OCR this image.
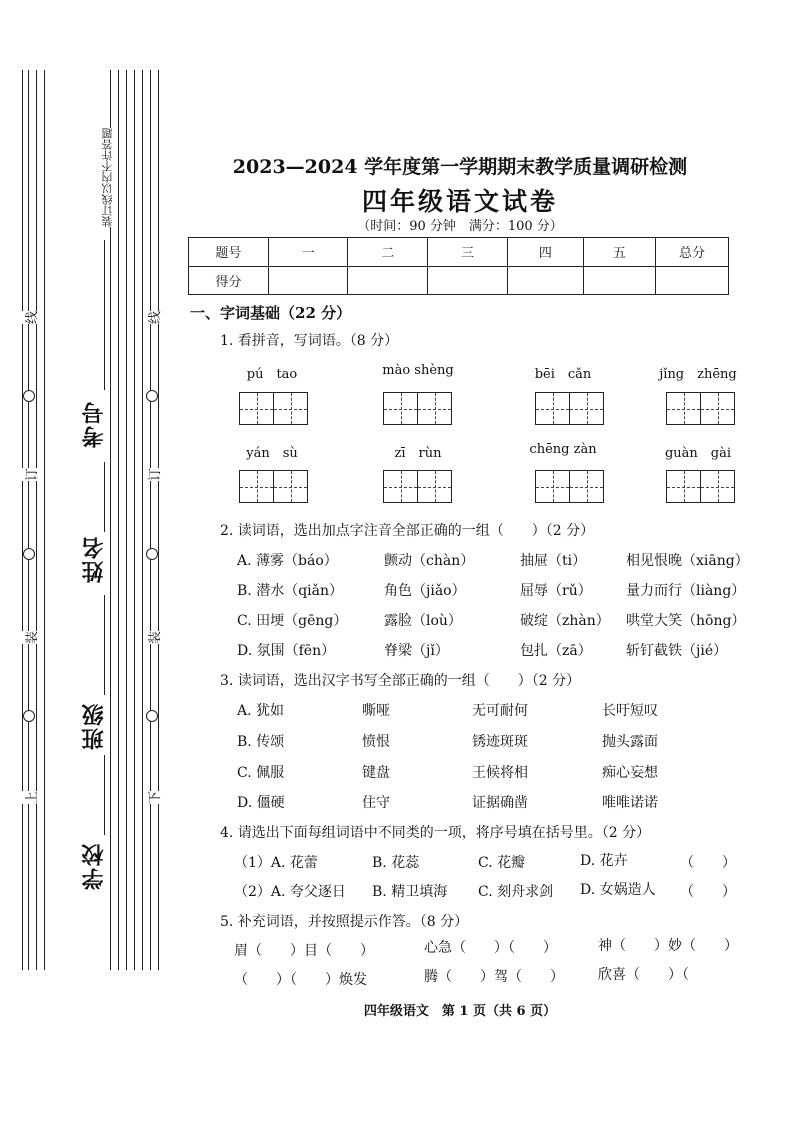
装订线以内不许答题
线
订
装
上
线
订
装
下
考号
姓名
班级
学校
2023—2024 学年度第一学期期末教学质量调研检测
四年级语文试卷
（时间：90 分钟　满分：100 分）
题号	一	二	三	四	五	总分
得分						
一、字词基础（22 分）
1. 看拼音，写词语。（8 分）
pú　tao	mào shèng	bēi　cǎn	jǐng　zhēng
yán　sù	zī　rùn	chēng zàn	guàn　gài
2. 读词语，选出加点字注音全部正确的一组（　　）（2 分）
A. 薄雾（báo）	颤动（chàn）	抽屉（ti）	相见恨晚（xiāng）
B. 潜水（qiǎn）	角色（jiǎo）	屈辱（rǔ） 量力而行（liàng）
C. 田埂（gēng）	露脸（loù）	破绽（zhàn） 哄堂大笑（hōng）
D. 氛围（fēn）	脊梁（jǐ）	包扎（zā） 斩钉截铁（jié）
3. 读词语，选出汉字书写全部正确的一组（　　）（2 分）
A. 犹如	嘶哑	无可耐何	长吁短叹
B. 传颂	愤恨	锈迹斑斑	抛头露面
C. 佩服	键盘	王候将相	痴心妄想
D. 僵硬	住守	证据确凿	唯唯诺诺
4. 请选出下面每组词语中不同类的一项，将序号填在括号里。（2 分）
（1）A. 花蕾	B. 花蕊	C. 花瓣	D. 花卉	（　　）
（2）A. 夸父逐日 B. 精卫填海 C. 刻舟求剑 D. 女娲造人 （　　）
5. 补充词语，并按照提示作答。（8 分）
眉（　　）目（　　）	心急（　　）（　　）	神（　　）妙（　　）
（　　）（　　）焕发	腾（　　）驾（　　） 欣喜（　　）（
四年级语文　第 1 页（共 6 页）
